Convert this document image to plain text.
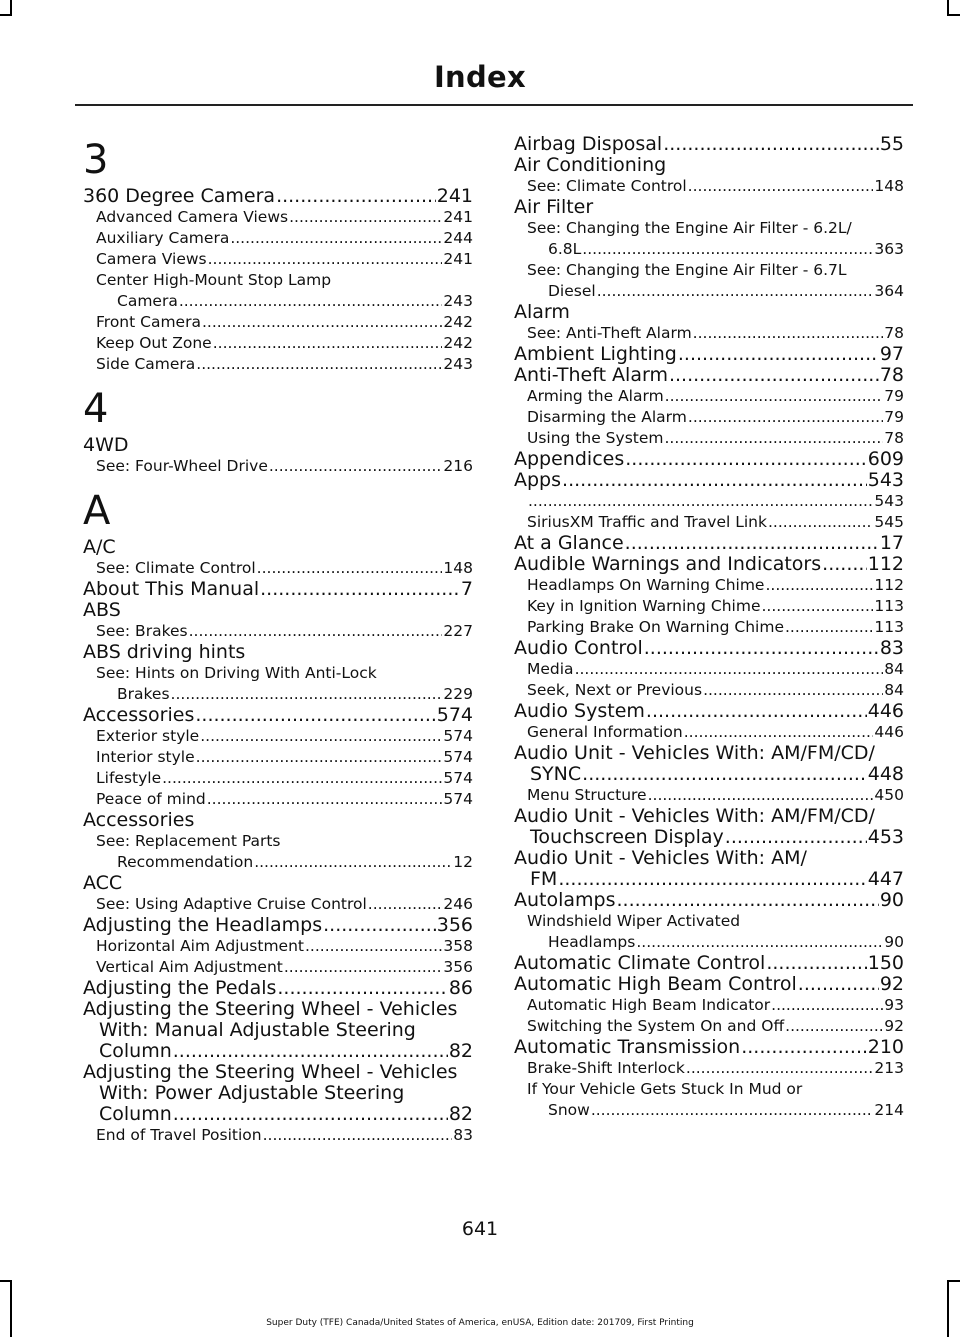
Index
3
360 Degree Camera .....	241
Advanced Camera Views .....	241
Auxiliary Camera .....	244
Camera Views .....	241
Center High-Mount Stop Lamp
Camera .....	243
Front Camera .....	242
Keep Out Zone .....	242
Side Camera .....	243
4
4WD
See: Four-Wheel Drive .....	216
A
A/C
See: Climate Control .....	148
About This Manual .....	7
ABS
See: Brakes .....	227
ABS driving hints
See: Hints on Driving With Anti-Lock
Brakes .....	229
Accessories .....	574
Exterior style .....	574
Interior style .....	574
Lifestyle .....	574
Peace of mind .....	574
Accessories
See: Replacement Parts
Recommendation .....	12
ACC
See: Using Adaptive Cruise Control .....	246
Adjusting the Headlamps .....	356
Horizontal Aim Adjustment .....	358
Vertical Aim Adjustment .....	356
Adjusting the Pedals .....	86
Adjusting the Steering Wheel - Vehicles
With: Manual Adjustable Steering
Column .....	82
Adjusting the Steering Wheel - Vehicles
With: Power Adjustable Steering
Column .....	82
End of Travel Position .....	83
Airbag Disposal .....	55
Air Conditioning
See: Climate Control .....	148
Air Filter
See: Changing the Engine Air Filter - 6.2L/
6.8L .....	363
See: Changing the Engine Air Filter - 6.7L
Diesel .....	364
Alarm
See: Anti-Theft Alarm .....	78
Ambient Lighting .....	97
Anti-Theft Alarm .....	78
Arming the Alarm .....	79
Disarming the Alarm .....	79
Using the System .....	78
Appendices .....	609
Apps .....	543
.....
543
SiriusXM Traffic and Travel Link .....	545
At a Glance .....	17
Audible Warnings and Indicators ..... 112
Headlamps On Warning Chime .....	112
Key in Ignition Warning Chime .....	113
Parking Brake On Warning Chime .....	113
Audio Control .....	83
Media .....	84
Seek, Next or Previous .....	84
Audio System .....	446
General Information .....	446
Audio Unit - Vehicles With: AM/FM/CD/
SYNC .....	448
Menu Structure .....	450
Audio Unit - Vehicles With: AM/FM/CD/
Touchscreen Display .....	453
Audio Unit - Vehicles With: AM/
FM .....	447
Autolamps .....	90
Windshield Wiper Activated
Headlamps .....	90
Automatic Climate Control .....	150
Automatic High Beam Control .....	92
Automatic High Beam Indicator .....	93
Switching the System On and Off .....	92
Automatic Transmission .....	210
Brake-Shift Interlock .....	213
If Your Vehicle Gets Stuck In Mud or
Snow .....	214
641
Super Duty (TFE) Canada/United States of America, enUSA, Edition date: 201709, First Printing
